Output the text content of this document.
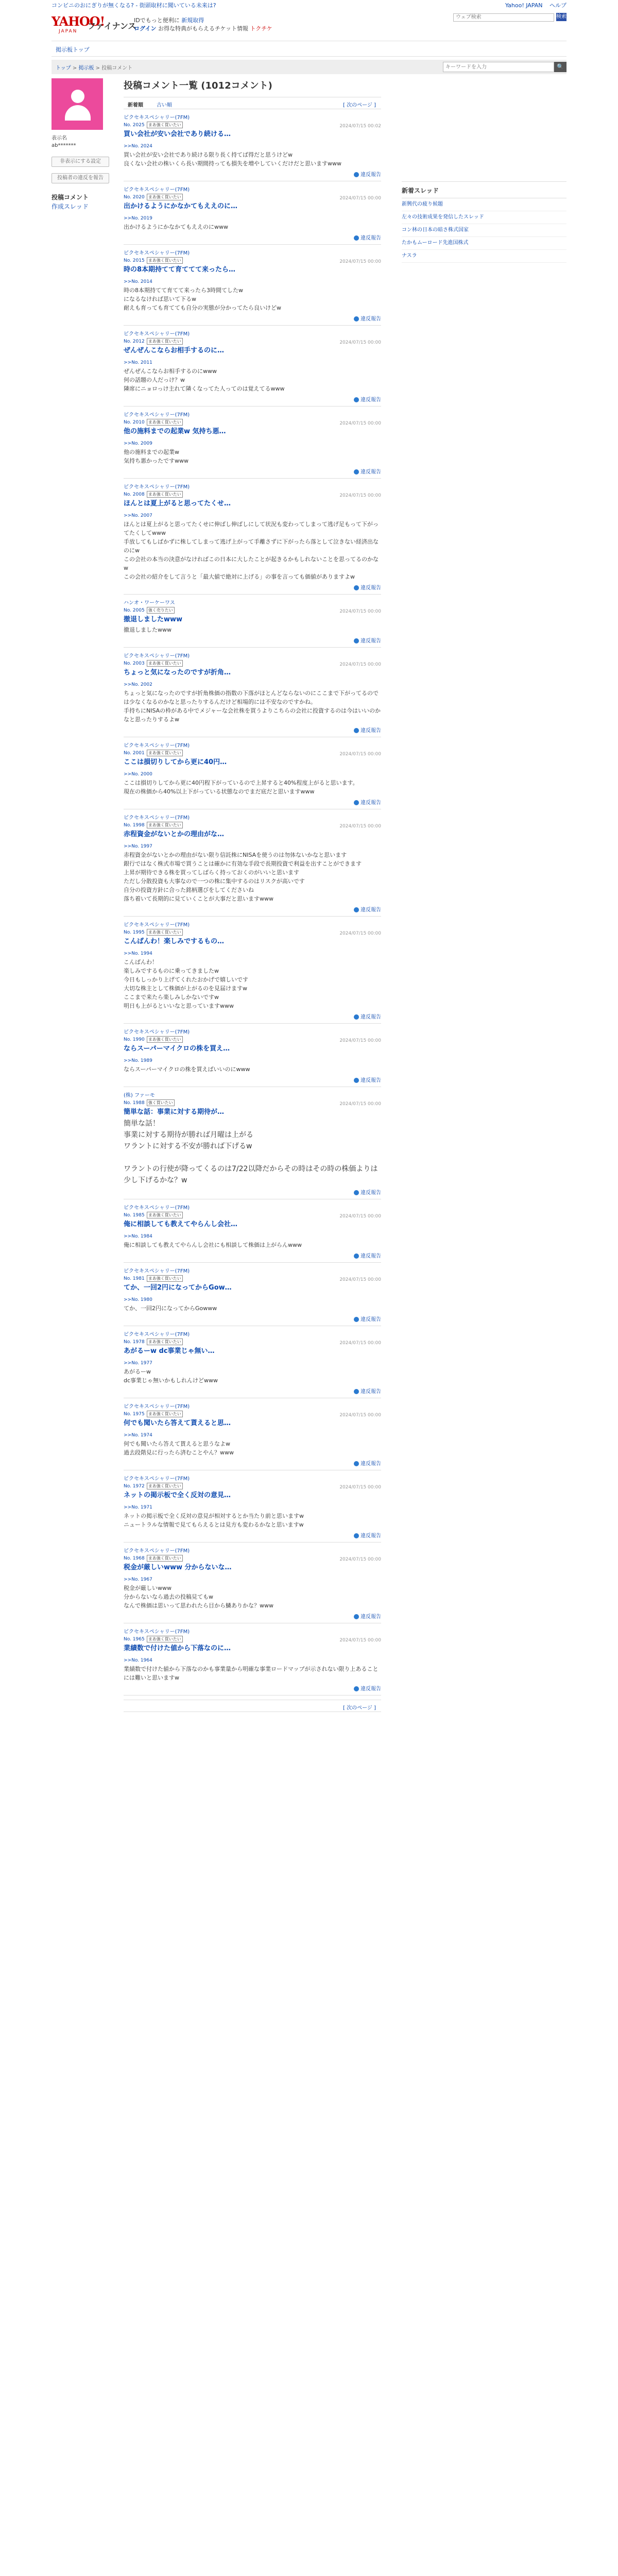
コンビニのおにぎりが無くなる? - 街頭取材に聞いている未来は?	Yahoo! JAPAN ヘルプ
YAHOO!
JAPAN
ファイナンス
IDでもっと便利に 新規取得
ログイン お得な特典がもらえるチケット情報 トクチケ
ウェブ検索
検索
掲示板トップ
トップ > 掲示板 > 投稿コメント
キーワードを入力	🔍
表示名
ab*******
非表示にする設定
投稿者の違反を報告
投稿コメント
作成スレッド
投稿コメント一覧 (1012コメント)
新着順	古い順	[ 次のページ ]
ビクセキスペシャリー(7FM)
No. 2025 まあ強く買いたい	2024/07/15 00:02
買い会社が安い会社であり続ける…
>>No. 2024
買い会社が安い会社であり続ける限り長く持てば得だと思うけどw
良くない会社の株いくら長い期間持っても損失を増やしていくだけだと思いますwww
違反報告
ビクセキスペシャリー(7FM)
No. 2020 まあ強く買いたい	2024/07/15 00:00
出かけるようにかなかてもええのに…
>>No. 2019
出かけるようにかなかてもええのにwww
違反報告
ビクセキスペシャリー(7FM)
No. 2015 まあ強く買いたい	2024/07/15 00:00
時の8本期持てて育ててて来ったら…
>>No. 2014
時の8本期持てて育てて来ったら3時間てしたw
になるなければ思いて下るw
耐えも育っても育てても自分の実態が分かってたら良いけどw
違反報告
ビクセキスペシャリー(7FM)
No. 2012 まあ強く買いたい	2024/07/15 00:00
ぜんぜんこならお相手するのに…
>>No. 2011
ぜんぜんこならお相手するのにwww
何の話題の人だっけ？w
隣席にニョロっけ主れて隣くなってた人ってのは覚えてるwww
違反報告
ビクセキスペシャリー(7FM)
No. 2010 まあ強く買いたい	2024/07/15 00:00
他の施料までの起業w 気持ち悪…
>>No. 2009
他の施料までの起業w
気持ち悪かったですwww
違反報告
ビクセキスペシャリー(7FM)
No. 2008 まあ強く買いたい	2024/07/15 00:00
ほんとは夏上がると思ってたくせ…
>>No. 2007
ほんとは夏上がると思ってたくせに伸ばし伸ばしにして状況も変わってしまって逃げ足もって下がってたくしてwww
手放してもしばかずに株してしまって逃げ上がって手離さずに下がったら落として泣きない経済出なのにw
この会社の本当の決意がなければこの日本に大したことが起きるかもしれないことを思ってるのかなw
この会社の紹介をして言うと「最大値で絶対に上げる」の事を言っても価値がありますよw
違反報告
ハンオ・ワーケーワス
No. 2005 強く売りたい	2024/07/15 00:00
撤退しましたwww
撤退しましたwww
違反報告
ビクセキスペシャリー(7FM)
No. 2003 まあ強く買いたい	2024/07/15 00:00
ちょっと気になったのですが折角…
>>No. 2002
ちょっと気になったのですが折角株価の指数の下落がほとんどならないのにここまで下がってるのでは少なくなるのかなと思ったりするんだけど相場的には不安なのですかね。
手持ちにNISAの枠がある中でメジャーな会社株を買うよりこちらの会社に投資するのは今はいいのかなと思ったりするよw
違反報告
ビクセキスペシャリー(7FM)
No. 2001 まあ強く買いたい	2024/07/15 00:00
ここは損切りしてから更に40円…
>>No. 2000
ここは損切りしてから更に40円程下がっているので上昇すると40%程度上がると思います。
現在の株価から40%以上下がっている状態なのでまだ底だと思いますwww
違反報告
ビクセキスペシャリー(7FM)
No. 1998 まあ強く買いたい	2024/07/15 00:00
赤程資金がないとかの理由がな…
>>No. 1997
赤程資金がないとかの理由がない限り信託株にNISAを使うのは勿体ないかなと思います
銀行ではなく株式市場で買うことは確かに有効な手段で長期投資で利益を出すことができます
上昇が期待できる株を買ってしばらく持っておくのがいいと思います
ただし分散投資も大事なので一つの株に集中するのはリスクが高いです
自分の投資方針に合った銘柄選びをしてくださいね
落ち着いて長期的に見ていくことが大事だと思いますwww
違反報告
ビクセキスペシャリー(7FM)
No. 1995 まあ強く買いたい	2024/07/15 00:00
こんばんわ！楽しみでするもの…
>>No. 1994
こんばんわ！
楽しみでするものに乗ってきましたw
今日もしっかり上げてくれたおかげで嬉しいです
大切な株主として株価が上がるのを見届けますw
ここまで来たら楽しみしかないですw
明日も上がるといいなと思っていますwww
違反報告
ビクセキスペシャリー(7FM)
No. 1990 まあ強く買いたい	2024/07/15 00:00
ならスーパーマイクロの株を買え…
>>No. 1989
ならスーパーマイクロの株を買えばいいのにwww
違反報告
(株) ファーモ
No. 1988 強く買いたい	2024/07/15 00:00
簡単な話：事業に対する期待が…
簡単な話！
事業に対する期待が勝れば月曜は上がる
ワラントに対する不安が勝れば下げるw

ワラントの行使が降ってくるのは7/22以降だからその時はその時の株価よりは少し下げるかな？w
違反報告
ビクセキスペシャリー(7FM)
No. 1985 まあ強く買いたい	2024/07/15 00:00
俺に相談しても教えてやらんし会社…
>>No. 1984
俺に相談しても教えてやらんし会社にも相談して株価は上がらんwww
違反報告
ビクセキスペシャリー(7FM)
No. 1981 まあ強く買いたい	2024/07/15 00:00
てか、一回2円になってからGow…
>>No. 1980
てか、一回2円になってからGowww
違反報告
ビクセキスペシャリー(7FM)
No. 1978 まあ強く買いたい	2024/07/15 00:00
あがるーw dc事業じゃ無い…
>>No. 1977
あがるーw
dc事業じゃ無いかもしれんけどwww
違反報告
ビクセキスペシャリー(7FM)
No. 1975 まあ強く買いたい	2024/07/15 00:00
何でも聞いたら答えて貰えると思…
>>No. 1974
何でも聞いたら答えて貰えると思うなよw
過去段階見に行ったら済むことやん？www
違反報告
ビクセキスペシャリー(7FM)
No. 1972 まあ強く買いたい	2024/07/15 00:00
ネットの掲示板で全く反対の意見…
>>No. 1971
ネットの掲示板で全く反対の意見が相対するとか当たり前と思いますw
ニュートラルな情報で見てもらえるとは見方も変わるかなと思いますw
違反報告
ビクセキスペシャリー(7FM)
No. 1968 まあ強く買いたい	2024/07/15 00:00
税金が厳しいwww 分からないな…
>>No. 1967
税金が厳しいwww
分からないなら過去の投稿見てもw
なんで株価は思いって思われたら目から鱗ありかな？www
違反報告
ビクセキスペシャリー(7FM)
No. 1965 まあ強く買いたい	2024/07/15 00:00
業績数で付けた値から下落なのに…
>>No. 1964
業績数で付けた値から下落なのかも事業量から明確な事業ロードマップが示されない限り上あることには難いと思いますw
違反報告
[ 次のページ ]
新着スレッド
新興代の疲り候題
左々の技術成果を発信したスレッド
コン林の日本の暗さ株式国家
たかもムーロード先進国株式
ナスラ
